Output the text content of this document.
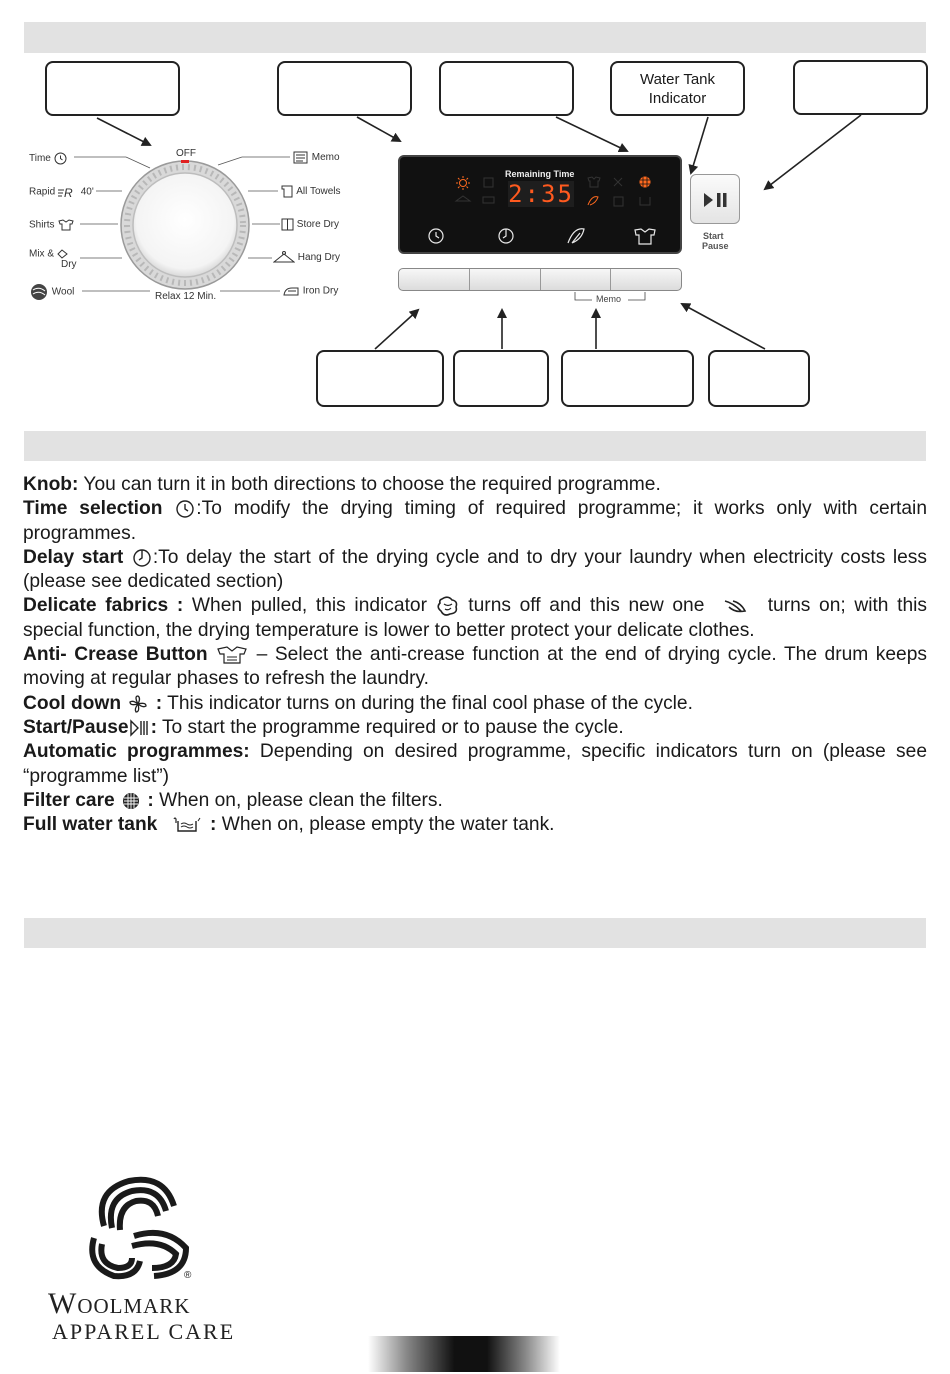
Water Tank Indicator
OFF
Relax 12 Min.
Time
Rapid R 40'
Shirts
Mix &
Dry
Wool
Memo
All Towels
Store Dry
Hang Dry
Iron Dry
Remaining Time
2:35
Start
Pause
Memo

Knob: You can turn it in both directions to choose the required programme.

Time selection :To modify the drying timing of required programme; it works only with certain programmes.

Delay start :To delay the start of the drying cycle and to dry your laundry when electricity costs less (please see dedicated section)

Delicate fabrics : When pulled, this indicator  turns off and this new one  turns on; with this special function, the drying temperature is lower to better protect your delicate clothes.

Anti- Crease Button  – Select the anti-crease function at the end of drying cycle. The drum keeps moving at regular phases to refresh the laundry.

Cool down  : This indicator turns on during the final cool phase of the cycle.

Start/Pause : To start the programme required or to pause the cycle.

Automatic programmes: Depending on desired programme, specific indicators turn on (please see “programme list”)

Filter care  : When on, please clean the filters.

Full water tank  : When on, please empty the water tank.

®
Woolmark
APPAREL CARE
